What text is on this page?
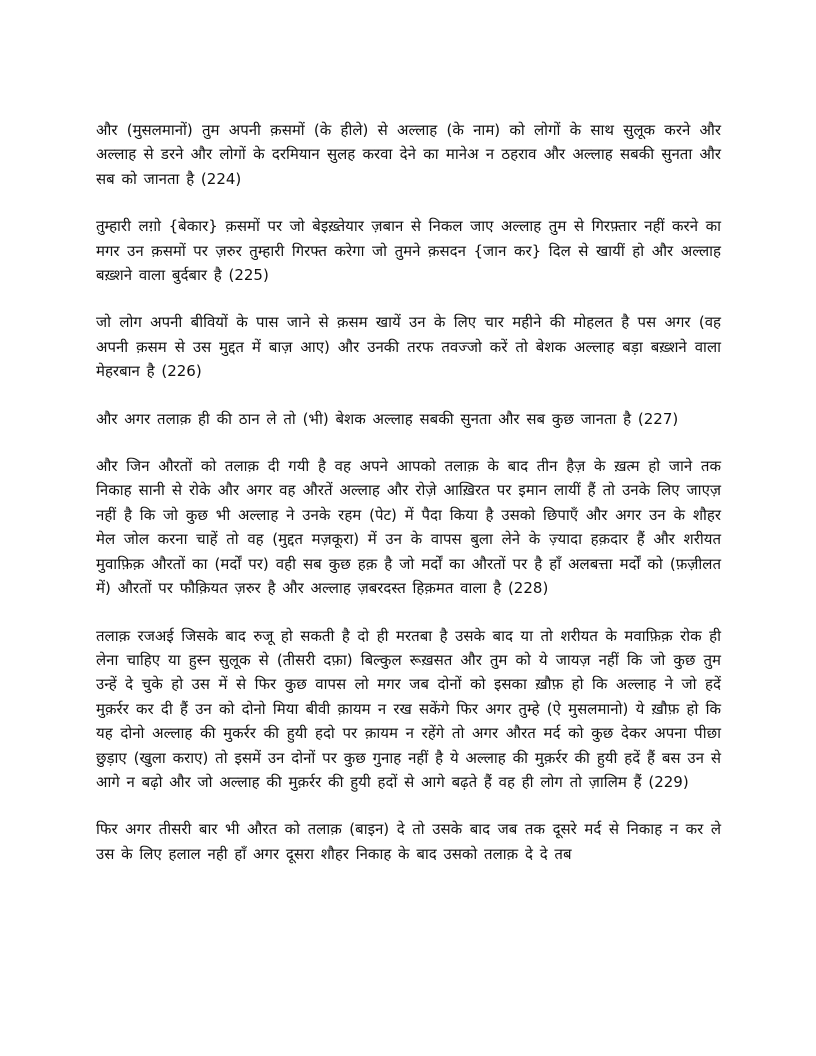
और (मुसलमानों) तुम अपनी क़समों (के हीले) से अल्लाह (के नाम) को लोगों के साथ सुलूक करने और अल्लाह से डरने और लोगों के दरमियान सुलह करवा देने का मानेअ न ठहराव और अल्लाह सबकी सुनता और सब को जानता है (224)

तुम्हारी लग़ो {बेकार} क़समों पर जो बेइख़्तेयार ज़बान से निकल जाए अल्लाह तुम से गिरफ़्तार नहीं करने का मगर उन क़समों पर ज़रुर तुम्हारी गिरफ्त करेगा जो तुमने क़सदन {जान कर} दिल से खायीं हो और अल्लाह बख़्शने वाला बुर्दबार है (225)

जो लोग अपनी बीवियों के पास जाने से क़सम खायें उन के लिए चार महीने की मोहलत है पस अगर (वह अपनी क़सम से उस मुद्दत में बाज़ आए) और उनकी तरफ तवज्जो करें तो बेशक अल्लाह बड़ा बख़्शने वाला मेहरबान है (226)

और अगर तलाक़ ही की ठान ले तो (भी) बेशक अल्लाह सबकी सुनता और सब कुछ जानता है (227)

और जिन औरतों को तलाक़ दी गयी है वह अपने आपको तलाक़ के बाद तीन हैज़ के ख़त्म हो जाने तक निकाह सानी से रोके और अगर वह औरतें अल्लाह और रोज़े आख़िरत पर इमान लायीं हैं तो उनके लिए जाएज़ नहीं है कि जो कुछ भी अल्लाह ने उनके रहम (पेट) में पैदा किया है उसको छिपाएँ और अगर उन के शौहर मेल जोल करना चाहें तो वह (मुद्दत मज़कूरा) में उन के वापस बुला लेने के ज़्यादा हक़दार हैं और शरीयत मुवाफ़िक़ औरतों का (मर्दों पर) वही सब कुछ हक़ है जो मर्दों का औरतों पर है हाँ अलबत्ता मर्दों को (फ़ज़ीलत में) औरतों पर फौक़ियत ज़रुर है और अल्लाह ज़बरदस्त हिक़मत वाला है (228)

तलाक़ रजअई जिसके बाद रुजू हो सकती है दो ही मरतबा है उसके बाद या तो शरीयत के मवाफ़िक़ रोक ही लेना चाहिए या हुस्न सुलूक से (तीसरी दफ़ा) बिल्कुल रूख़सत और तुम को ये जायज़ नहीं कि जो कुछ तुम उन्हें दे चुके हो उस में से फिर कुछ वापस लो मगर जब दोनों को इसका ख़ौफ़ हो कि अल्लाह ने जो हदें मुक़र्रर कर दी हैं उन को दोनो मिया बीवी क़ायम न रख सकेंगे फिर अगर तुम्हे (ऐ मुसलमानो) ये ख़ौफ़ हो कि यह दोनो अल्लाह की मुकर्रर की हुयी हदो पर क़ायम न रहेंगे तो अगर औरत मर्द को कुछ देकर अपना पीछा छुड़ाए (खुला कराए) तो इसमें उन दोनों पर कुछ गुनाह नहीं है ये अल्लाह की मुक़र्रर की हुयी हदें हैं बस उन से आगे न बढ़ो और जो अल्लाह की मुक़र्रर की हुयी हदों से आगे बढ़ते हैं वह ही लोग तो ज़ालिम हैं (229)

फिर अगर तीसरी बार भी औरत को तलाक़ (बाइन) दे तो उसके बाद जब तक दूसरे मर्द से निकाह न कर ले उस के लिए हलाल नही हाँ अगर दूसरा शौहर निकाह के बाद उसको तलाक़ दे दे तब
